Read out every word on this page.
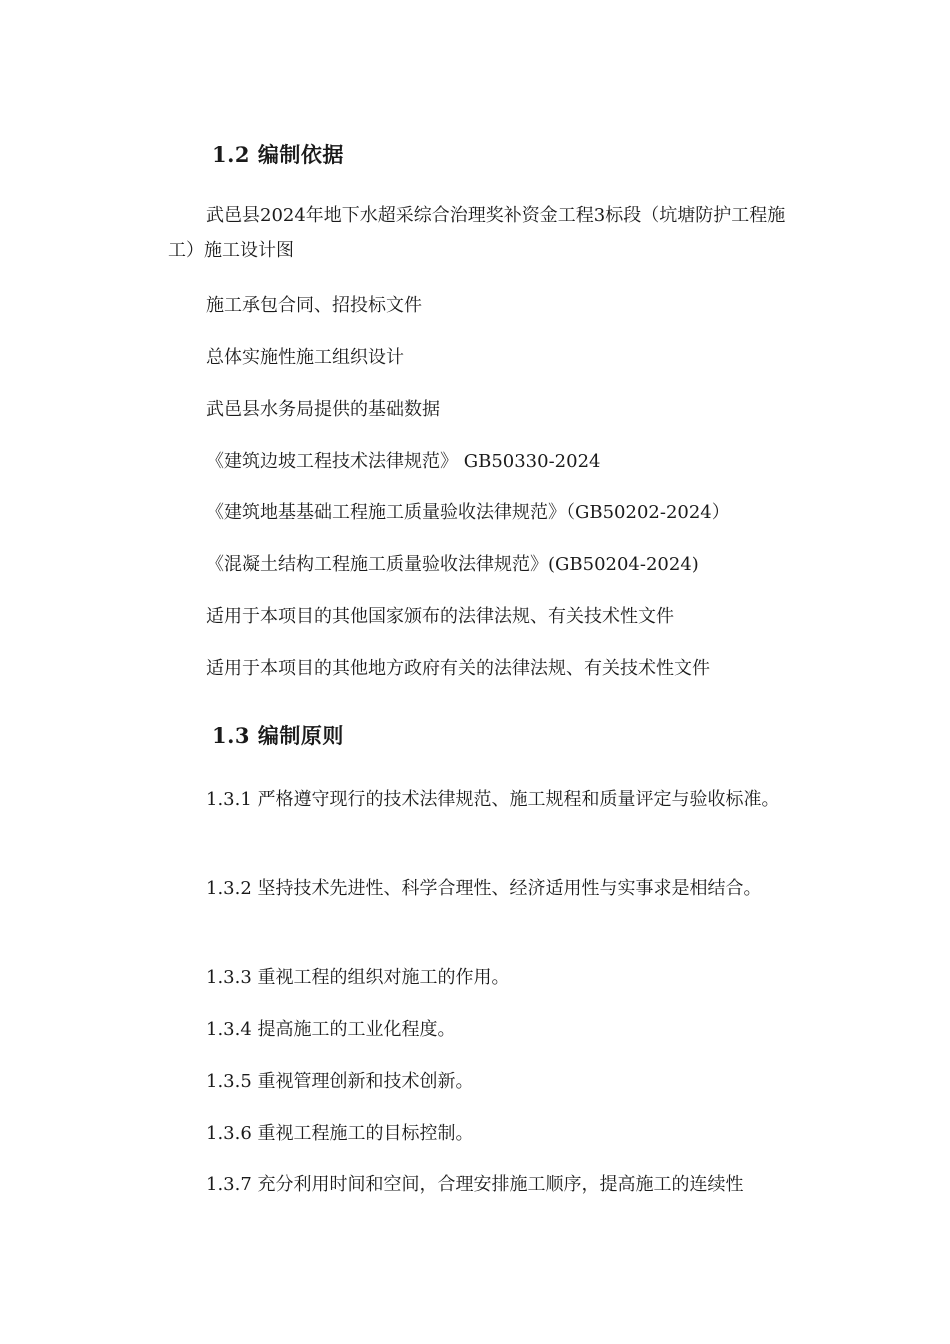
1.2 编制依据
武邑县2024年地下水超采综合治理奖补资金工程3标段（坑塘防护工程施工）施工设计图
施工承包合同、招投标文件
总体实施性施工组织设计
武邑县水务局提供的基础数据
《建筑边坡工程技术法律规范》 GB50330-2024
《建筑地基基础工程施工质量验收法律规范》（GB50202-2024）
《混凝土结构工程施工质量验收法律规范》(GB50204-2024)
适用于本项目的其他国家颁布的法律法规、有关技术性文件
适用于本项目的其他地方政府有关的法律法规、有关技术性文件
1.3 编制原则
1.3.1 严格遵守现行的技术法律规范、施工规程和质量评定与验收标准。
1.3.2 坚持技术先进性、科学合理性、经济适用性与实事求是相结合。
1.3.3 重视工程的组织对施工的作用。
1.3.4 提高施工的工业化程度。
1.3.5 重视管理创新和技术创新。
1.3.6 重视工程施工的目标控制。
1.3.7 充分利用时间和空间，合理安排施工顺序，提高施工的连续性
